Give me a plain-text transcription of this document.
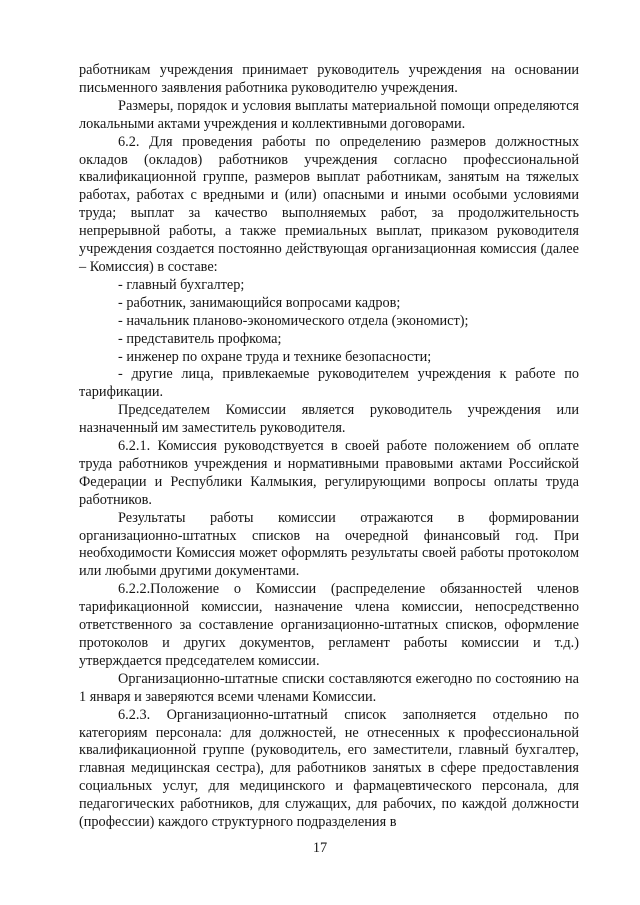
работникам учреждения принимает руководитель учреждения на основании письменного заявления работника руководителю учреждения.

Размеры, порядок и условия выплаты материальной помощи определяются локальными актами учреждения и коллективными договорами.

6.2. Для проведения работы по определению размеров должностных окладов (окладов) работников учреждения согласно профессиональной квалификационной группе, размеров выплат работникам, занятым на тяжелых работах, работах с вредными и (или) опасными и иными особыми условиями труда; выплат за качество выполняемых работ, за продолжительность непрерывной работы, а также премиальных выплат, приказом руководителя учреждения создается постоянно действующая организационная комиссия (далее – Комиссия) в составе:

- главный бухгалтер;

- работник, занимающийся вопросами кадров;

- начальник планово-экономического отдела (экономист);

- представитель профкома;

- инженер по охране труда и технике безопасности;

- другие лица, привлекаемые руководителем учреждения к работе по тарификации.

Председателем Комиссии является руководитель учреждения или назначенный им заместитель руководителя.

6.2.1. Комиссия руководствуется в своей работе положением об оплате труда работников учреждения и нормативными правовыми актами Российской Федерации и Республики Калмыкия, регулирующими вопросы оплаты труда работников.

Результаты работы комиссии отражаются в формировании организационно-штатных списков на очередной финансовый год. При необходимости Комиссия может оформлять результаты своей работы протоколом или любыми другими документами.

6.2.2.Положение о Комиссии (распределение обязанностей членов тарификационной комиссии, назначение члена комиссии, непосредственно ответственного за составление организационно-штатных списков, оформление протоколов и других документов, регламент работы комиссии и т.д.) утверждается председателем комиссии.

Организационно-штатные списки составляются ежегодно по состоянию на 1 января и заверяются всеми членами Комиссии.

6.2.3. Организационно-штатный список заполняется отдельно по категориям персонала: для должностей, не отнесенных к профессиональной квалификационной группе (руководитель, его заместители, главный бухгалтер, главная медицинская сестра), для работников занятых в сфере предоставления социальных услуг, для медицинского и фармацевтического персонала, для педагогических работников, для служащих, для рабочих, по каждой должности (профессии) каждого структурного подразделения в

17
